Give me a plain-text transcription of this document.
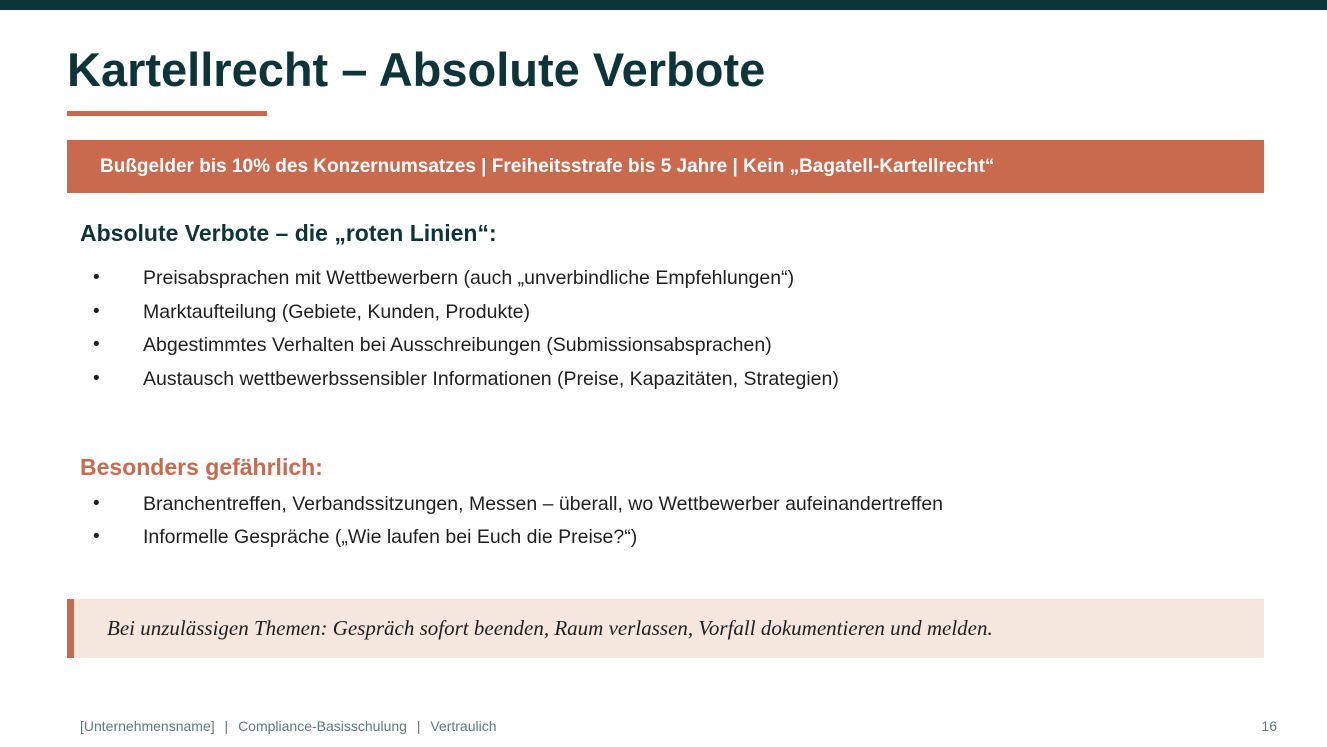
Kartellrecht – Absolute Verbote
Bußgelder bis 10% des Konzernumsatzes | Freiheitsstrafe bis 5 Jahre | Kein „Bagatell-Kartellrecht“
Absolute Verbote – die „roten Linien“:
• Preisabsprachen mit Wettbewerbern (auch „unverbindliche Empfehlungen“)
• Marktaufteilung (Gebiete, Kunden, Produkte)
• Abgestimmtes Verhalten bei Ausschreibungen (Submissionsabsprachen)
• Austausch wettbewerbssensibler Informationen (Preise, Kapazitäten, Strategien)
Besonders gefährlich:
• Branchentreffen, Verbandssitzungen, Messen – überall, wo Wettbewerber aufeinandertreffen
• Informelle Gespräche („Wie laufen bei Euch die Preise?“)
Bei unzulässigen Themen: Gespräch sofort beenden, Raum verlassen, Vorfall dokumentieren und melden.
[Unternehmensname] | Compliance-Basisschulung | Vertraulich	16
